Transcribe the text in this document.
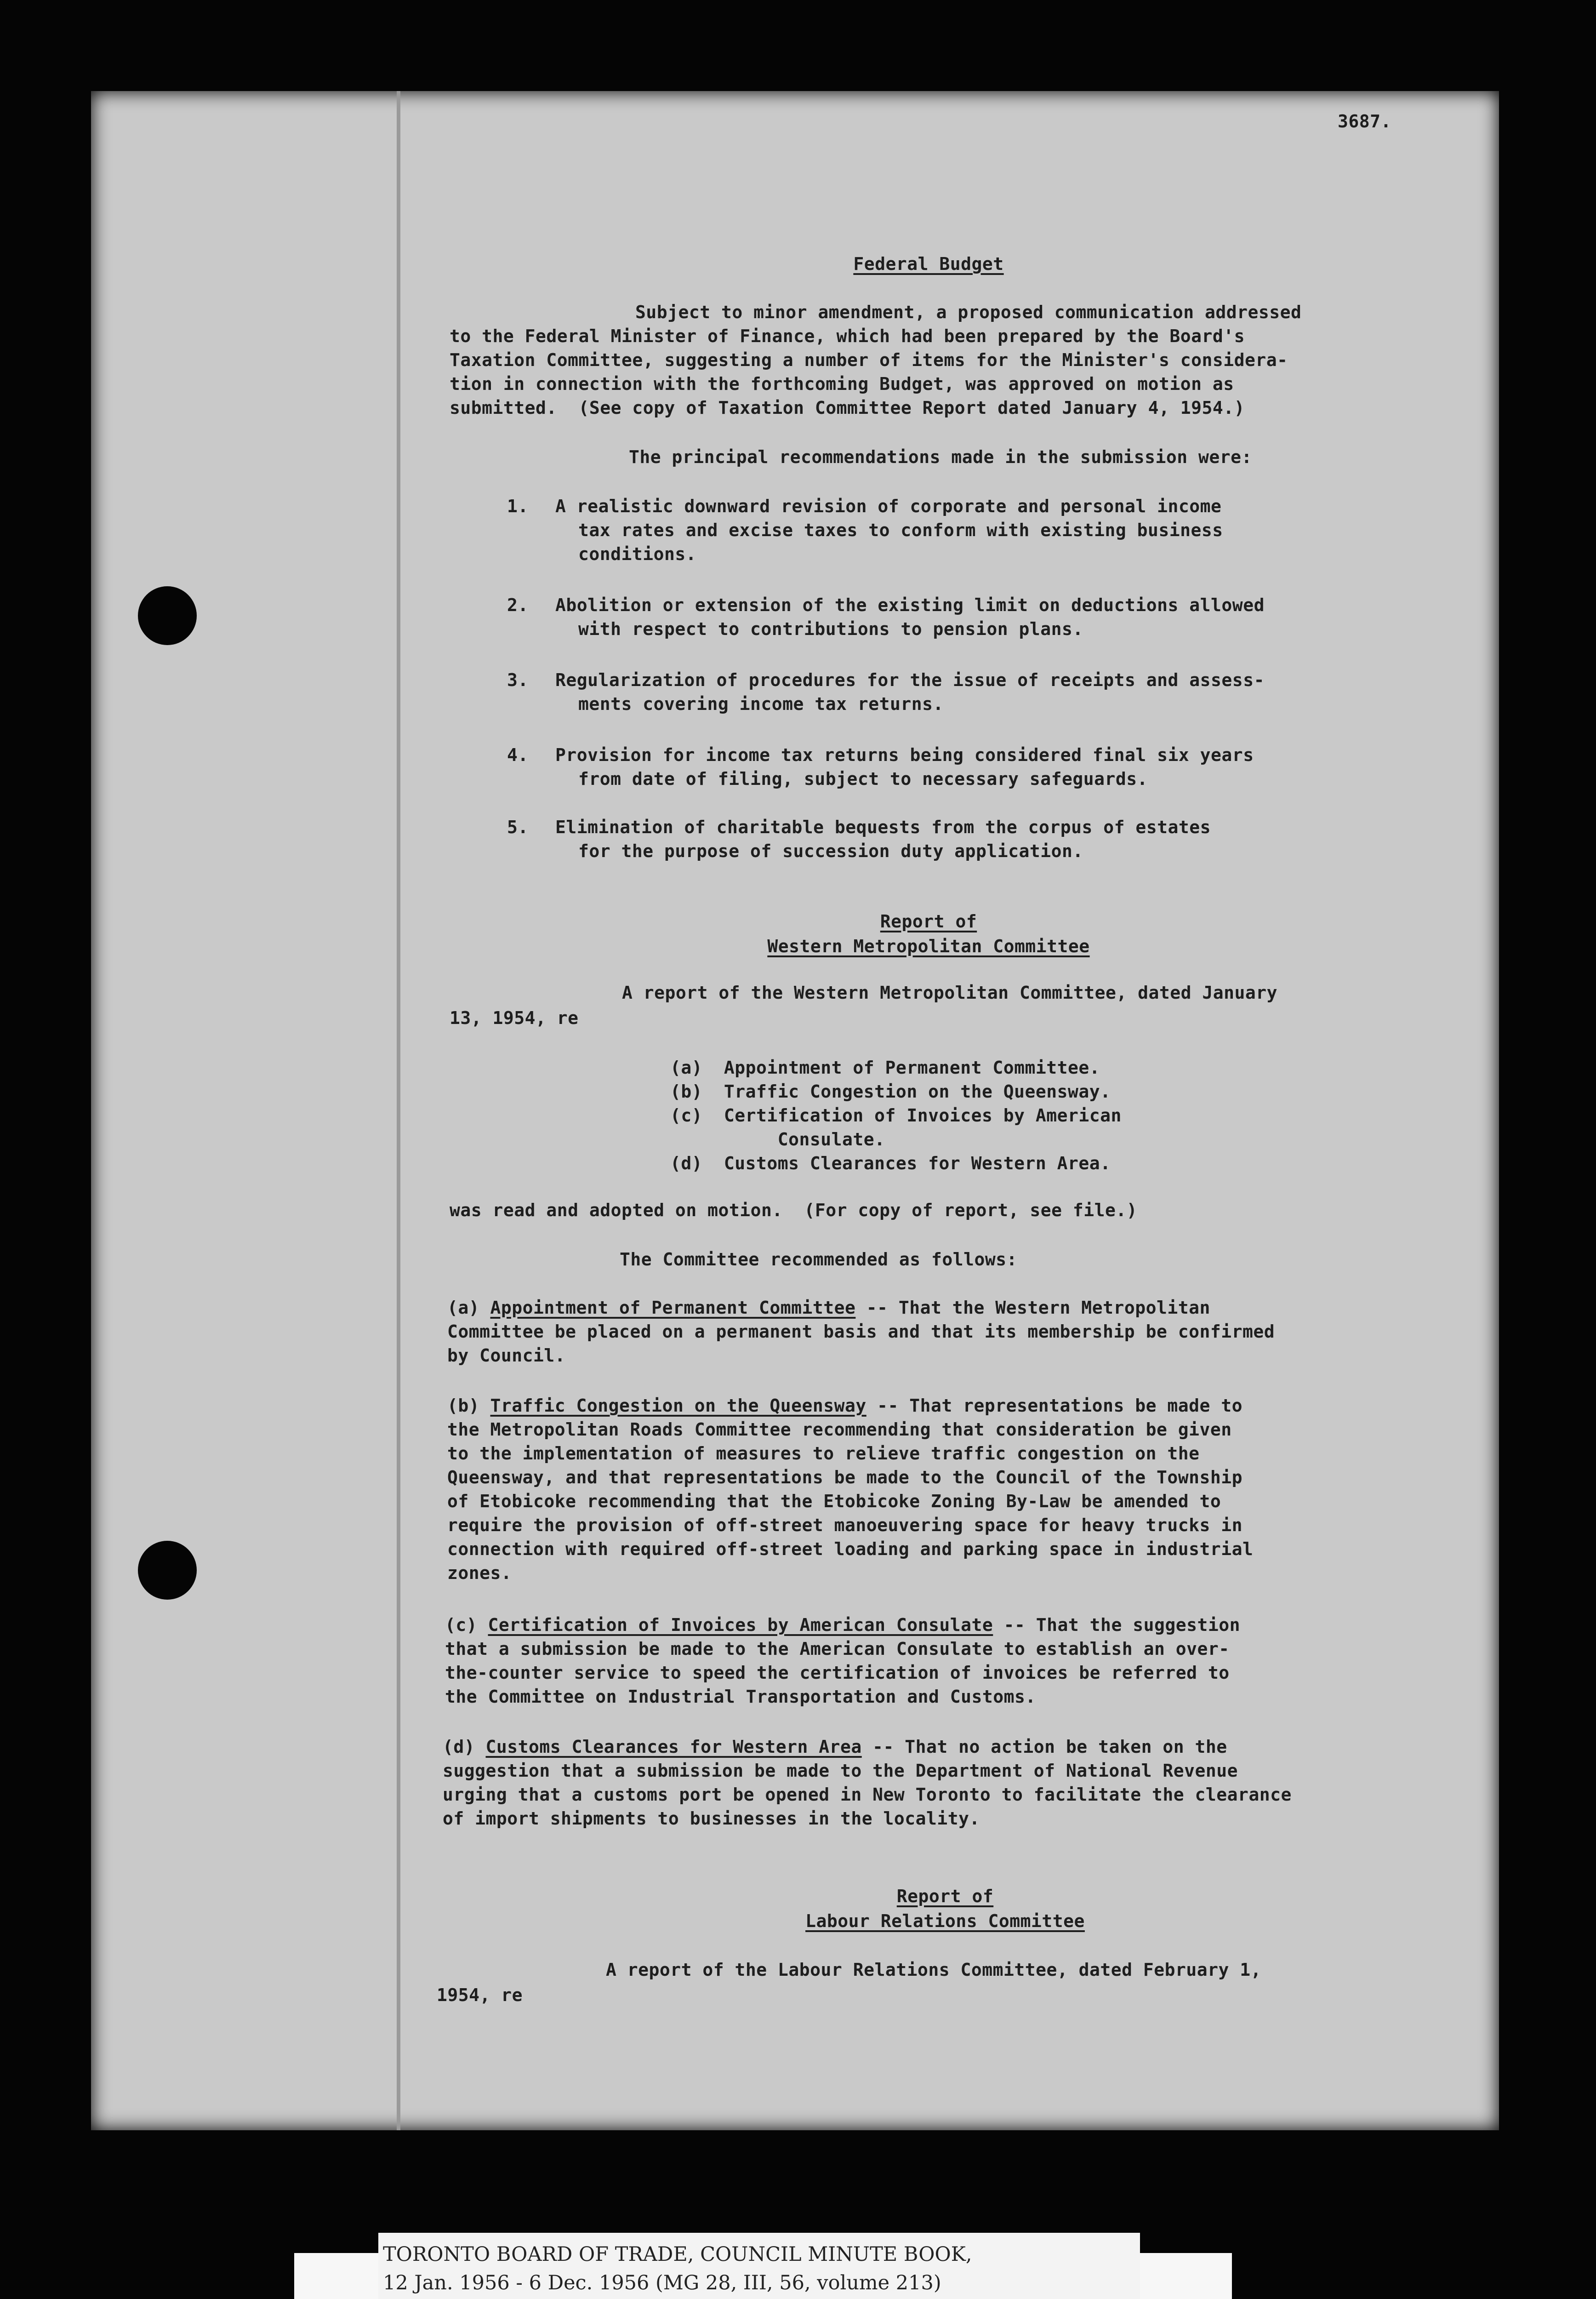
3687.
Federal Budget
Subject to minor amendment, a proposed communication addressed
to the Federal Minister of Finance, which had been prepared by the Board's
Taxation Committee, suggesting a number of items for the Minister's considera-
tion in connection with the forthcoming Budget, was approved on motion as
submitted.  (See copy of Taxation Committee Report dated January 4, 1954.)
The principal recommendations made in the submission were:
1. A realistic downward revision of corporate and personal income
tax rates and excise taxes to conform with existing business
conditions.
2. Abolition or extension of the existing limit on deductions allowed
with respect to contributions to pension plans.
3. Regularization of procedures for the issue of receipts and assess-
ments covering income tax returns.
4. Provision for income tax returns being considered final six years
from date of filing, subject to necessary safeguards.
5. Elimination of charitable bequests from the corpus of estates
for the purpose of succession duty application.
Report of
Western Metropolitan Committee
A report of the Western Metropolitan Committee, dated January
13, 1954, re
(a)  Appointment of Permanent Committee.
(b)  Traffic Congestion on the Queensway.
(c)  Certification of Invoices by American
Consulate.
(d)  Customs Clearances for Western Area.
was read and adopted on motion.  (For copy of report, see file.)
The Committee recommended as follows:
(a) Appointment of Permanent Committee -- That the Western Metropolitan
Committee be placed on a permanent basis and that its membership be confirmed
by Council.
(b) Traffic Congestion on the Queensway -- That representations be made to
the Metropolitan Roads Committee recommending that consideration be given
to the implementation of measures to relieve traffic congestion on the
Queensway, and that representations be made to the Council of the Township
of Etobicoke recommending that the Etobicoke Zoning By-Law be amended to
require the provision of off-street manoeuvering space for heavy trucks in
connection with required off-street loading and parking space in industrial
zones.
(c) Certification of Invoices by American Consulate -- That the suggestion
that a submission be made to the American Consulate to establish an over-
the-counter service to speed the certification of invoices be referred to
the Committee on Industrial Transportation and Customs.
(d) Customs Clearances for Western Area -- That no action be taken on the
suggestion that a submission be made to the Department of National Revenue
urging that a customs port be opened in New Toronto to facilitate the clearance
of import shipments to businesses in the locality.
Report of
Labour Relations Committee
A report of the Labour Relations Committee, dated February 1,
1954, re
TORONTO BOARD OF TRADE, COUNCIL MINUTE BOOK,
12 Jan. 1956 - 6 Dec. 1956 (MG 28, III, 56, volume 213)
